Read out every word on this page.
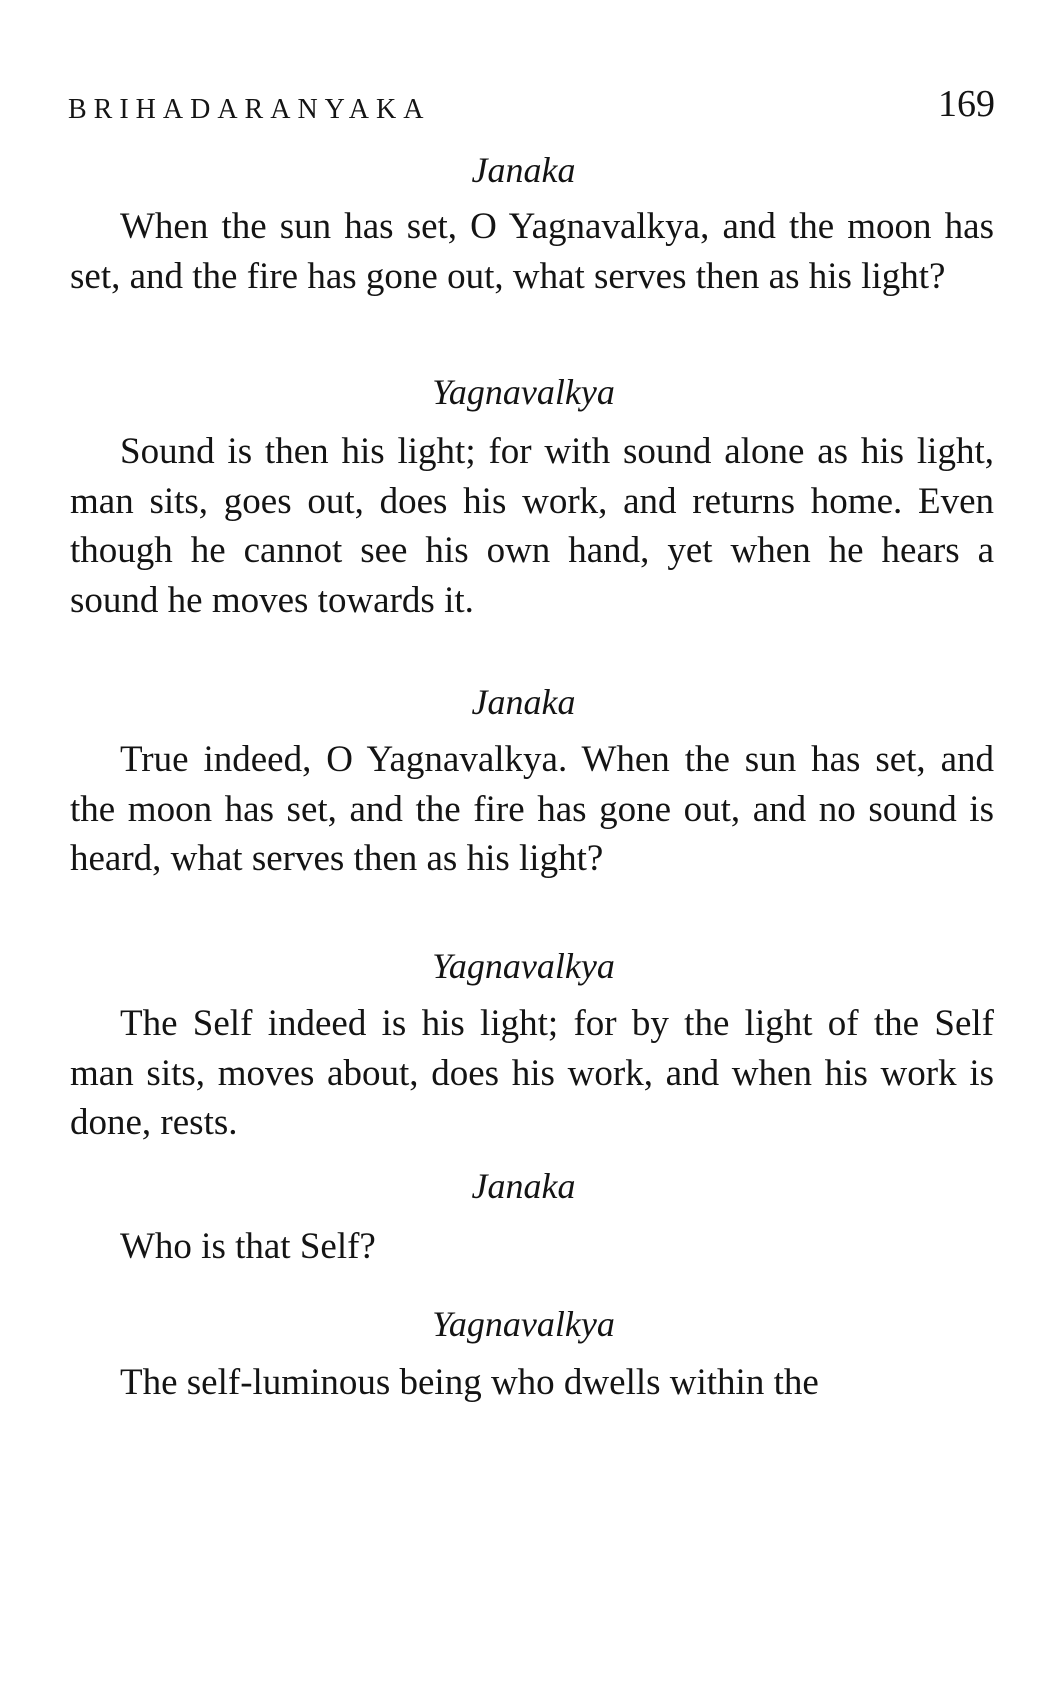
BRIHADARANYAKA	169
Janaka

When the sun has set, O Yagnavalkya, and the moon has set, and the fire has gone out, what serves then as his light?

Yagnavalkya

Sound is then his light; for with sound alone as his light, man sits, goes out, does his work, and returns home. Even though he cannot see his own hand, yet when he hears a sound he moves towards it.

Janaka

True indeed, O Yagnavalkya. When the sun has set, and the moon has set, and the fire has gone out, and no sound is heard, what serves then as his light?

Yagnavalkya

The Self indeed is his light; for by the light of the Self man sits, moves about, does his work, and when his work is done, rests.

Janaka

Who is that Self?

Yagnavalkya

The self-luminous being who dwells within the
